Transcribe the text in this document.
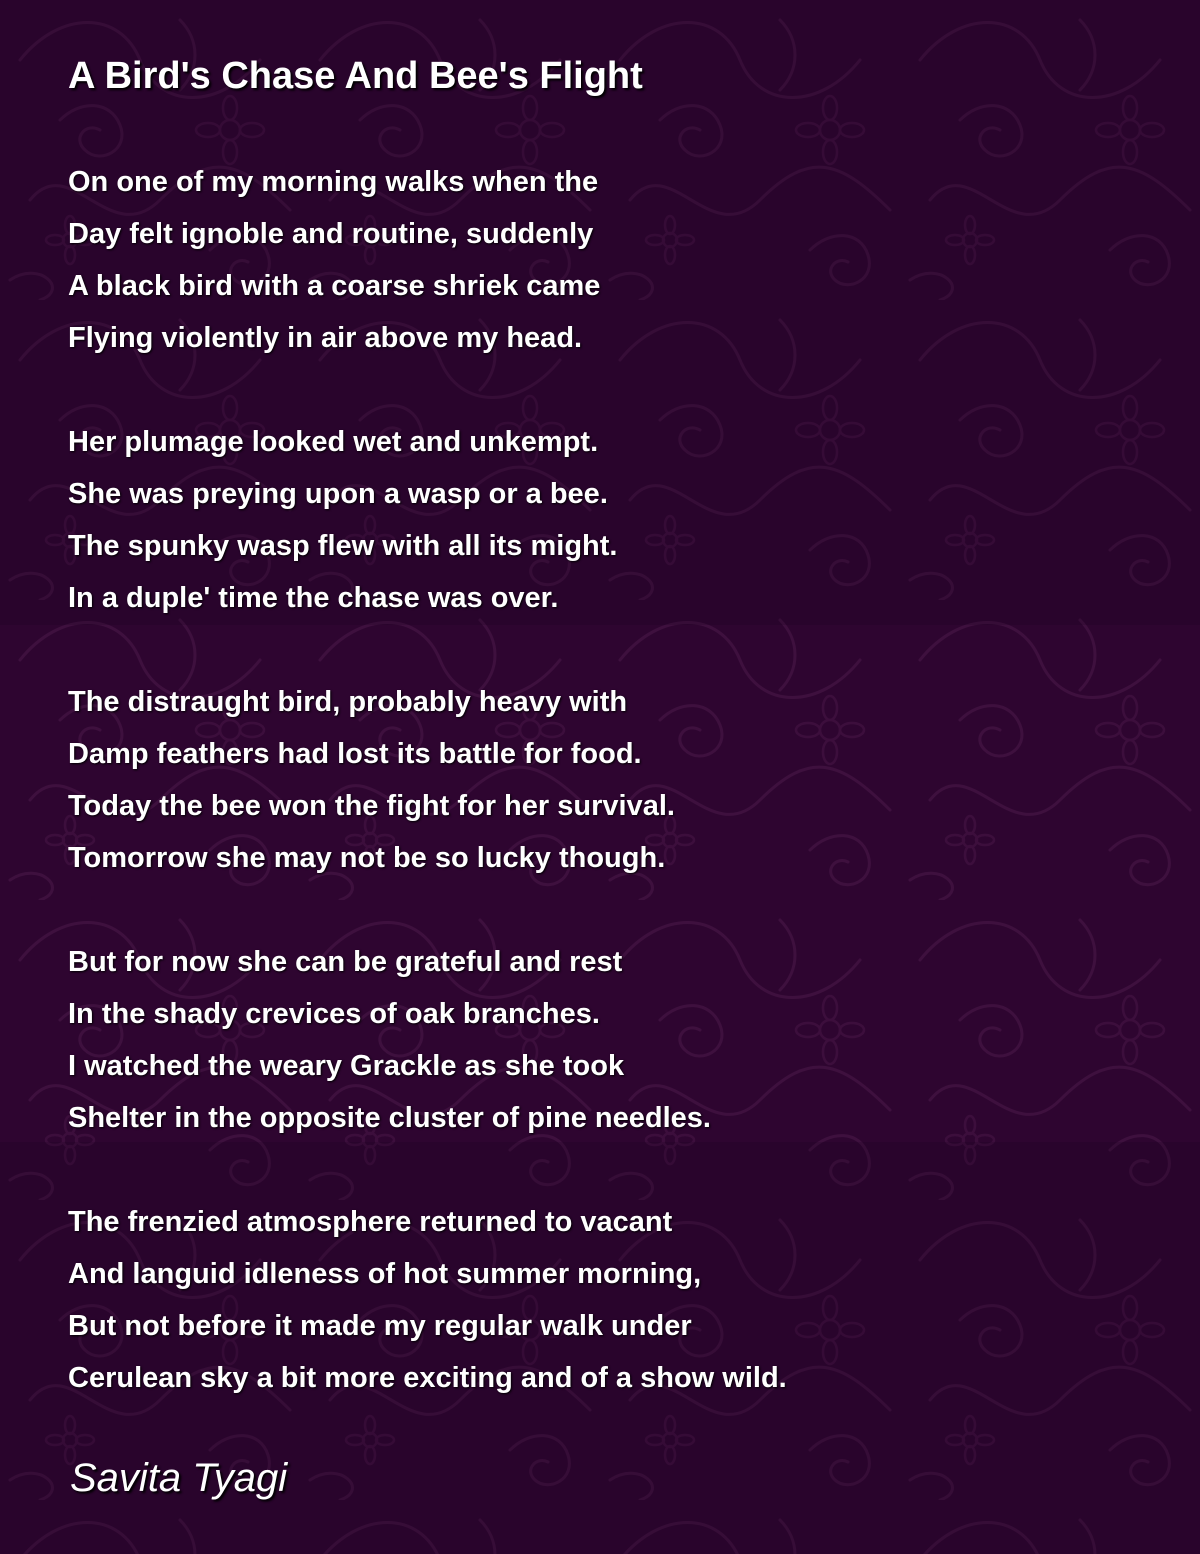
A Bird's Chase And Bee's Flight

On one of my morning walks when the
Day felt ignoble and routine, suddenly
A black bird with a coarse shriek came
Flying violently in air above my head.

Her plumage looked wet and unkempt.
She was preying upon a wasp or a bee.
The spunky wasp flew with all its might.
In a duple' time the chase was over.

The distraught bird, probably heavy with
Damp feathers had lost its battle for food.
Today the bee won the fight for her survival.
Tomorrow she may not be so lucky though.

But for now she can be grateful and rest
In the shady crevices of oak branches.
I watched the weary Grackle as she took
Shelter in the opposite cluster of pine needles.

The frenzied atmosphere returned to vacant
And languid idleness of hot summer morning,
But not before it made my regular walk under
Cerulean sky a bit more exciting and of a show wild.

Savita Tyagi
